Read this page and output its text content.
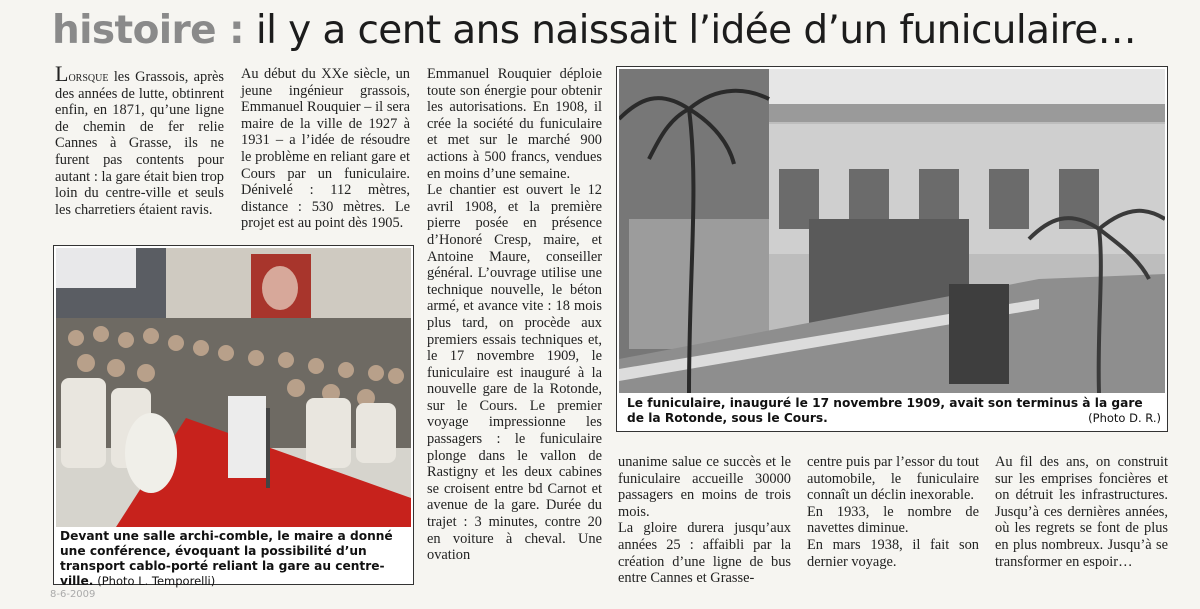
histoire : il y a cent ans naissait l’idée d’un funiculaire…

Lorsque les Grassois, après des années de lutte, obtinrent enfin, en 1871, qu’une ligne de chemin de fer relie Cannes à Grasse, ils ne furent pas contents pour autant : la gare était bien trop loin du centre-ville et seuls les charretiers étaient ravis.

Au début du XXe siècle, un jeune ingénieur grassois, Emmanuel Rouquier – il sera maire de la ville de 1927 à 1931 – a l’idée de résoudre le problème en reliant gare et Cours par un funiculaire. Dénivelé : 112 mètres, distance : 530 mètres. Le projet est au point dès 1905.

Emmanuel Rouquier déploie toute son énergie pour obtenir les autorisations. En 1908, il crée la société du funiculaire et met sur le marché 900 actions à 500 francs, vendues en moins d’une semaine.

Le chantier est ouvert le 12 avril 1908, et la première pierre posée en présence d’Honoré Cresp, maire, et Antoine Maure, conseiller général. L’ouvrage utilise une technique nouvelle, le béton armé, et avance vite : 18 mois plus tard, on procède aux premiers essais techniques et, le 17 novembre 1909, le funiculaire est inauguré à la nouvelle gare de la Rotonde, sur le Cours. Le premier voyage impressionne les passagers : le funiculaire plonge dans le vallon de Rastigny et les deux cabines se croisent entre bd Carnot et avenue de la gare. Durée du trajet : 3 minutes, contre 20 en voiture à cheval. Une ovation

unanime salue ce succès et le funiculaire accueille 30000 passagers en moins de trois mois.

La gloire durera jusqu’aux années 25 : affaibli par la création d’une ligne de bus entre Cannes et Grasse-

centre puis par l’essor du tout automobile, le funiculaire connaît un déclin inexorable.

En 1933, le nombre de navettes diminue.

En mars 1938, il fait son dernier voyage.

Au fil des ans, on construit sur les emprises foncières et on détruit les infrastructures. Jusqu’à ces dernières années, où les regrets se font de plus en plus nombreux. Jusqu’à se transformer en espoir…

Devant une salle archi-comble, le maire a donné une conférence, évoquant la possibilité d’un transport cablo-porté reliant la gare au centre-ville. (Photo L. Temporelli)
Le funiculaire, inauguré le 17 novembre 1909, avait son terminus à la gare de la Rotonde, sous le Cours.	(Photo D. R.)
8-6-2009
